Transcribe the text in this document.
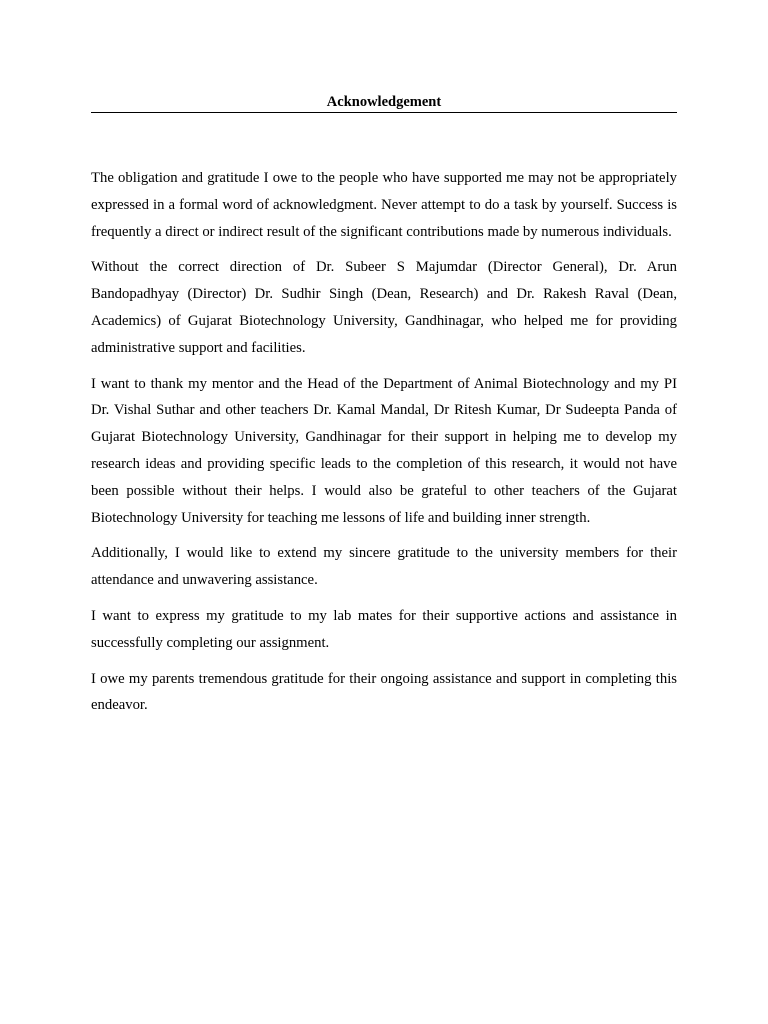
Acknowledgement

The obligation and gratitude I owe to the people who have supported me may not be appropriately expressed in a formal word of acknowledgment. Never attempt to do a task by yourself. Success is frequently a direct or indirect result of the significant contributions made by numerous individuals.

Without the correct direction of Dr. Subeer S Majumdar (Director General), Dr. Arun Bandopadhyay (Director) Dr. Sudhir Singh (Dean, Research) and Dr. Rakesh Raval (Dean, Academics) of Gujarat Biotechnology University, Gandhinagar, who helped me for providing administrative support and facilities.

I want to thank my mentor and the Head of the Department of Animal Biotechnology and my PI Dr. Vishal Suthar and other teachers Dr. Kamal Mandal, Dr Ritesh Kumar, Dr Sudeepta Panda of Gujarat Biotechnology University, Gandhinagar for their support in helping me to develop my research ideas and providing specific leads to the completion of this research, it would not have been possible without their helps. I would also be grateful to other teachers of the Gujarat Biotechnology University for teaching me lessons of life and building inner strength.

Additionally, I would like to extend my sincere gratitude to the university members for their attendance and unwavering assistance.

I want to express my gratitude to my lab mates for their supportive actions and assistance in successfully completing our assignment.

I owe my parents tremendous gratitude for their ongoing assistance and support in completing this endeavor.
